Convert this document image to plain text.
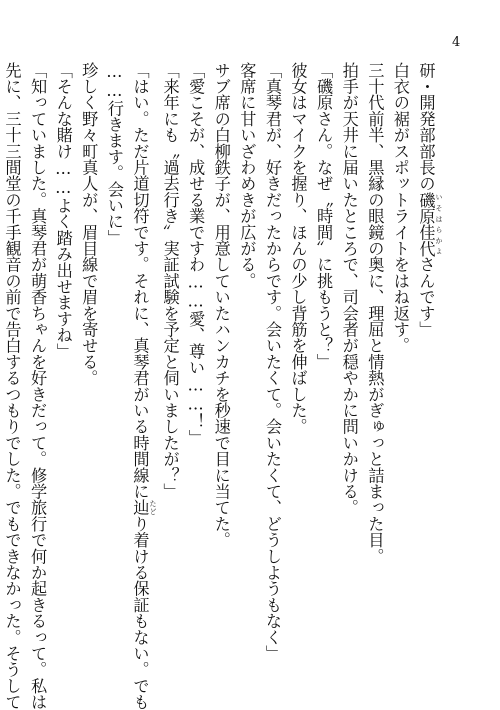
4
研・開発部部長の磯原佳代 いそはらかよさんです」
白衣の裾がスポットライトをはね返す。
三十代前半、黒縁の眼鏡の奥に、理屈と情熱がぎゅっと詰まった目。
拍手が天井に届いたところで、司会者が穏やかに問いかける。
「磯原さん。なぜ〝時間〟に挑もうと？」
彼女はマイクを握り、ほんの少し背筋を伸ばした。
「真琴君が、好きだったからです。会いたくて。会いたくて、どうしようもなく」
客席に甘いざわめきが広がる。
サブ席の白柳鉄子が、用意していたハンカチを秒速で目に当てた。
「愛こそが、成せる業ですわ……愛、尊い……！」
「来年にも〝過去行き〟実証試験を予定と伺いましたが？」
「はい。ただ片道切符です。それに、真琴君がいる時間線に辿 たどり着ける保証もない。でも
……行きます。会いに」
珍しく野々町真人が、眉目線で眉を寄せる。
「そんな賭け……よく踏み出せますね」
「知っていました。真琴君が萌香ちゃんを好きだって。修学旅行で何か起きるって。私は
先に、三十三間堂の千手観音の前で告白するつもりでした。でもできなかった。そうして
